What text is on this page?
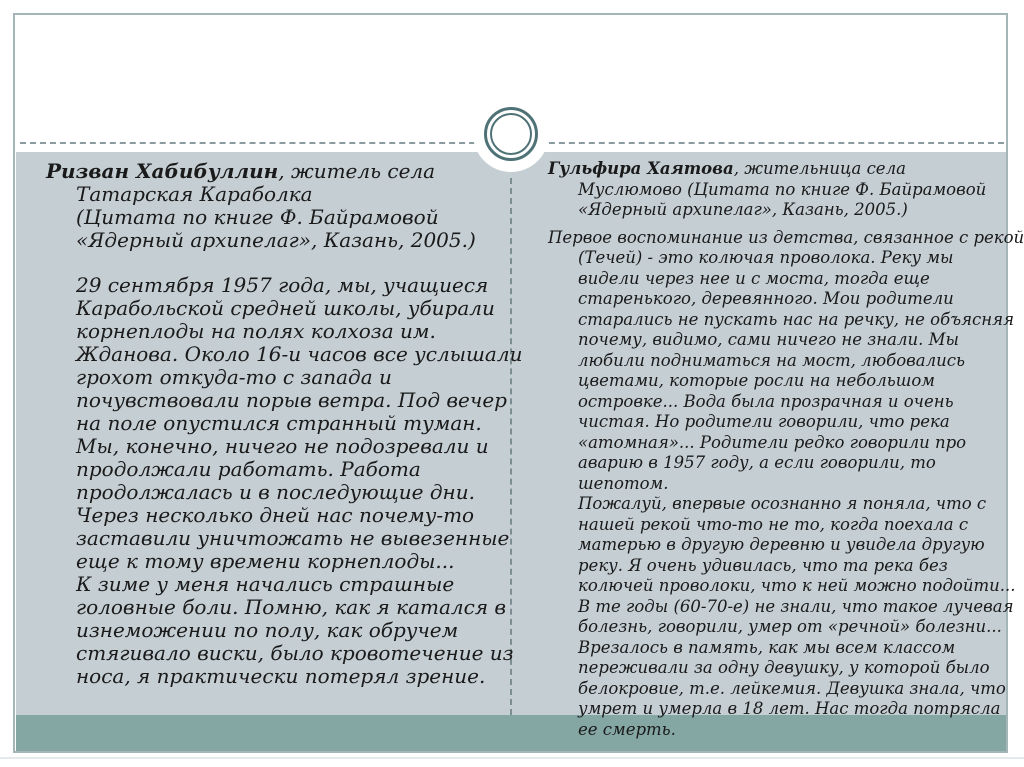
Ризван Хабибуллин, житель села
Татарская Караболка
(Цитата по книге Ф. Байрамовой
«Ядерный архипелаг», Казань, 2005.)
29 сентября 1957 года, мы, учащиеся
Карабольской средней школы, убирали
корнеплоды на полях колхоза им.
Жданова. Около 16-и часов все услышали
грохот откуда-то с запада и
почувствовали порыв ветра. Под вечер
на поле опустился странный туман.
Мы, конечно, ничего не подозревали и
продолжали работать. Работа
продолжалась и в последующие дни.
Через несколько дней нас почему-то
заставили уничтожать не вывезенные
еще к тому времени корнеплоды...
К зиме у меня начались страшные
головные боли. Помню, как я катался в
изнеможении по полу, как обручем
стягивало виски, было кровотечение из
носа, я практически потерял зрение.
Гульфира Хаятова, жительница села
Муслюмово (Цитата по книге Ф. Байрамовой
«Ядерный архипелаг», Казань, 2005.)
Первое воспоминание из детства, связанное с рекой
(Течей) - это колючая проволока. Реку мы
видели через нее и с моста, тогда еще
старенького, деревянного. Мои родители
старались не пускать нас на речку, не объясняя
почему, видимо, сами ничего не знали. Мы
любили подниматься на мост, любовались
цветами, которые росли на небольшом
островке... Вода была прозрачная и очень
чистая. Но родители говорили, что река
«атомная»... Родители редко говорили про
аварию в 1957 году, а если говорили, то
шепотом.
Пожалуй, впервые осознанно я поняла, что с
нашей рекой что-то не то, когда поехала с
матерью в другую деревню и увидела другую
реку. Я очень удивилась, что та река без
колючей проволоки, что к ней можно подойти...
В те годы (60-70-е) не знали, что такое лучевая
болезнь, говорили, умер от «речной» болезни...
Врезалось в память, как мы всем классом
переживали за одну девушку, у которой было
белокровие, т.е. лейкемия. Девушка знала, что
умрет и умерла в 18 лет. Нас тогда потрясла
ее смерть.
